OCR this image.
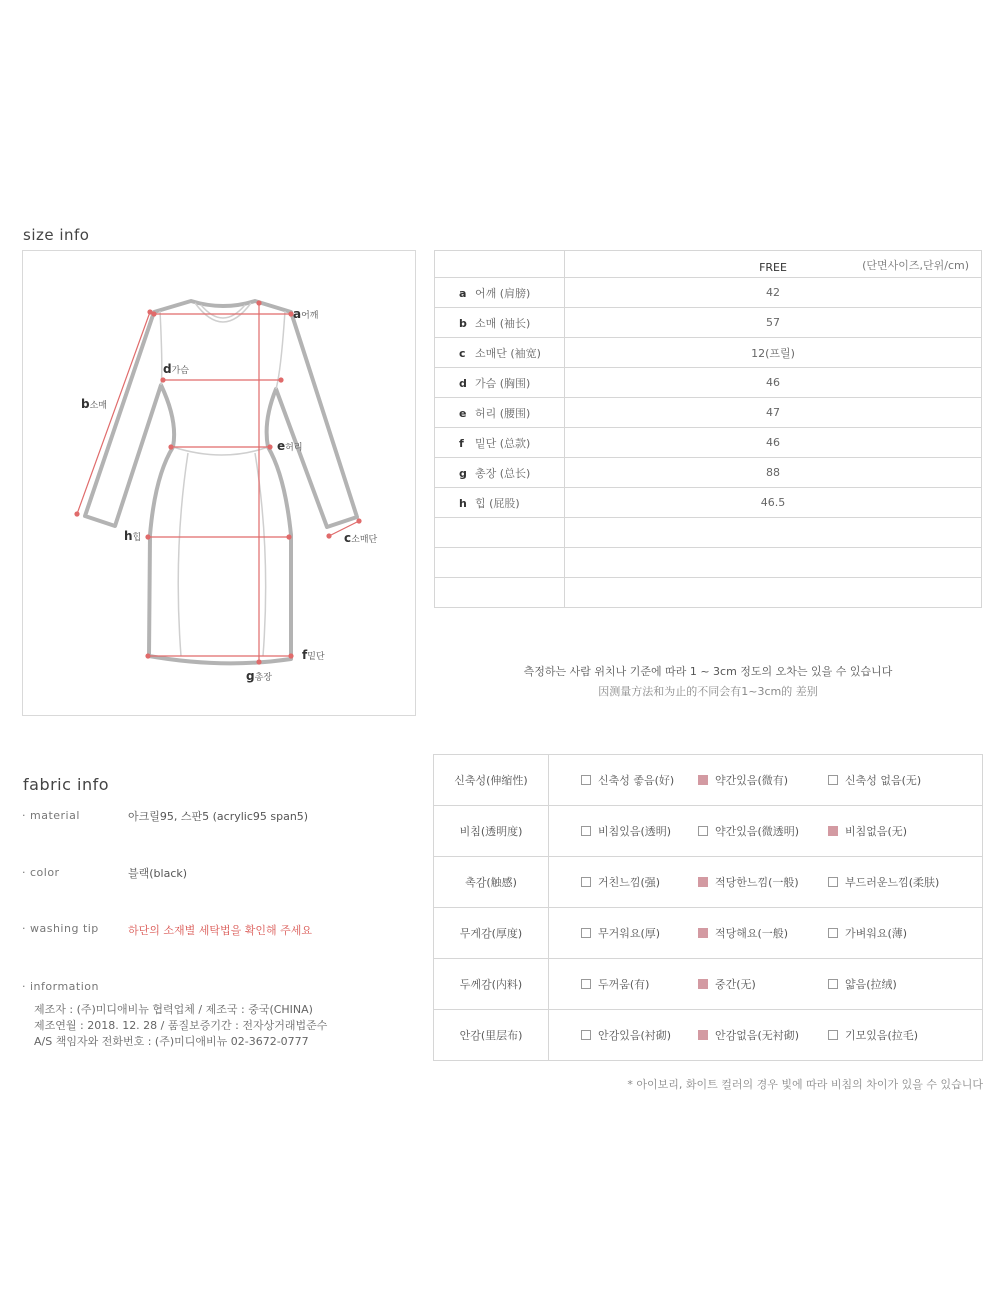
size info
a어깨
b소매
c소매단
d가슴
e허리
f밑단
g총장
h힙
	FREE (단면사이즈,단위/cm)

a 어깨 (肩膀)	42
b 소매 (袖长)	57
c 소매단 (袖宽)	12(프릴)
d 가슴 (胸围)	46
e 허리 (腰围)	47
f 밑단 (总款)	46
g 총장 (总长)	88
h 힙 (屁股)	46.5

측정하는 사람 위치나 기준에 따라 1 ~ 3cm 정도의 오차는 있을 수 있습니다
因测量方法和为止的不同会有1~3cm的 差别
fabric info
· material	아크릴95, 스판5 (acrylic95 span5)
· color	블랙(black)
· washing tip	하단의 소재별 세탁법을 확인해 주세요
· information
제조자 : (주)미디애비뉴 협력업체 / 제조국 : 중국(CHINA)
제조연월 : 2018. 12. 28 / 품질보증기간 : 전자상거래법준수
A/S 책임자와 전화번호 : (주)미디애비뉴 02-3672-0777
신축성(伸缩性)	신축성 좋음(好) 약간있음(微有) 신축성 없음(无)

비침(透明度)	비침있음(透明) 약간있음(微透明) 비침없음(无)

촉감(触感)	거친느낌(强) 적당한느낌(一般) 부드러운느낌(柔肤)

무게감(厚度)	무거워요(厚) 적당해요(一般) 가벼워요(薄)

두께감(内料)	두꺼움(有) 중간(无) 얇음(拉绒)

안감(里层布)	안감있음(衬砌) 안감없음(无衬砌) 기모있음(拉毛)
* 아이보리, 화이트 컬러의 경우 빛에 따라 비침의 차이가 있을 수 있습니다
